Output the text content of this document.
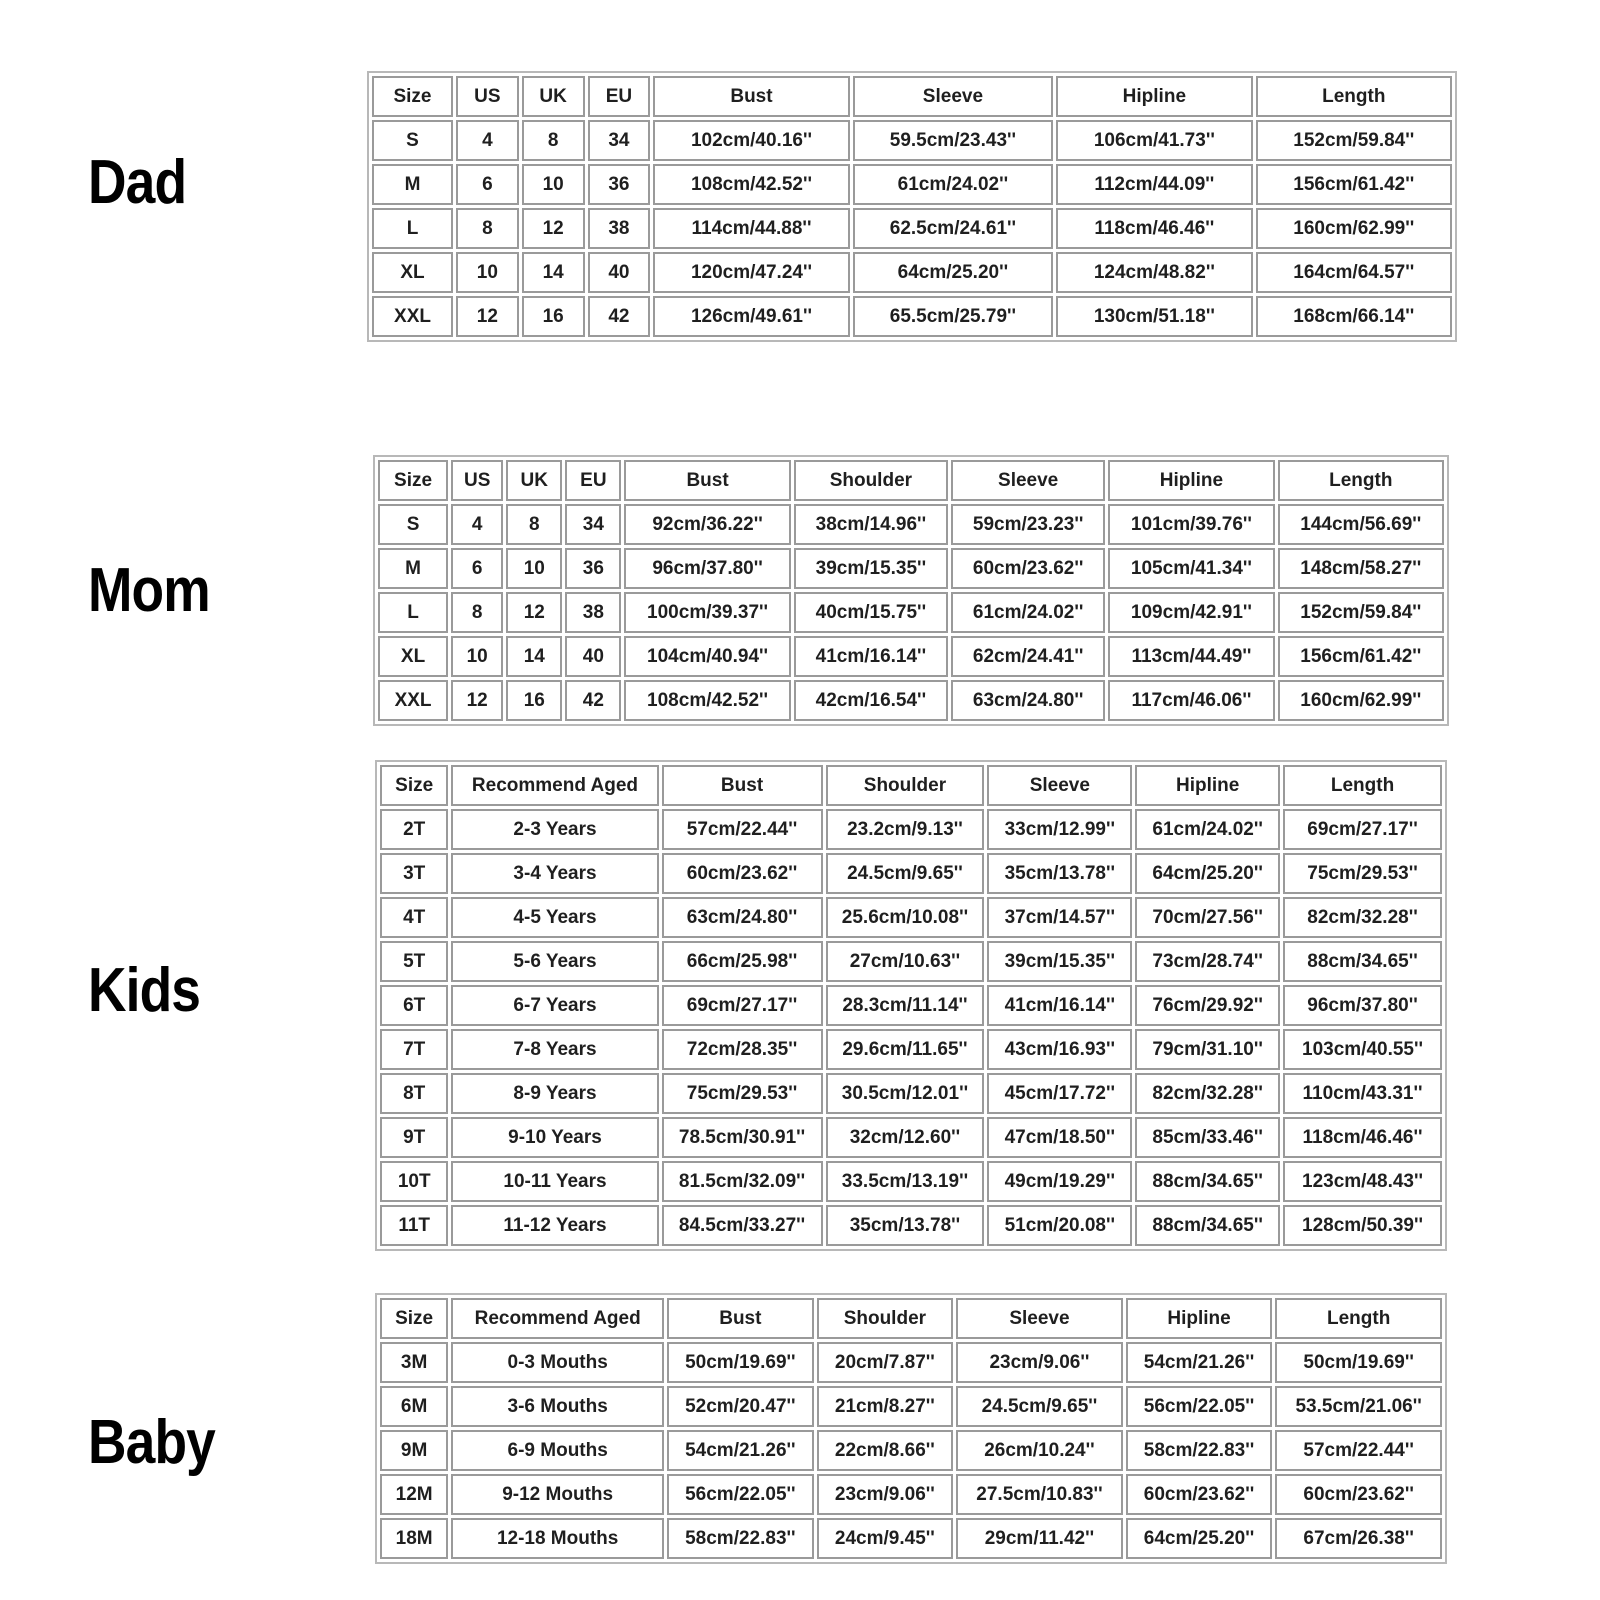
Dad
Mom
Kids
Baby
Size	US	UK	EU	Bust	Sleeve	Hipline	Length
S	4	8	34	102cm/40.16''	59.5cm/23.43''	106cm/41.73''	152cm/59.84''
M	6	10	36	108cm/42.52''	61cm/24.02''	112cm/44.09''	156cm/61.42''
L	8	12	38	114cm/44.88''	62.5cm/24.61''	118cm/46.46''	160cm/62.99''
XL	10	14	40	120cm/47.24''	64cm/25.20''	124cm/48.82''	164cm/64.57''
XXL	12	16	42	126cm/49.61''	65.5cm/25.79''	130cm/51.18''	168cm/66.14''
Size	US	UK	EU	Bust	Shoulder	Sleeve	Hipline	Length
S	4	8	34	92cm/36.22''	38cm/14.96''	59cm/23.23''	101cm/39.76''	144cm/56.69''
M	6	10	36	96cm/37.80''	39cm/15.35''	60cm/23.62''	105cm/41.34''	148cm/58.27''
L	8	12	38	100cm/39.37''	40cm/15.75''	61cm/24.02''	109cm/42.91''	152cm/59.84''
XL	10	14	40	104cm/40.94''	41cm/16.14''	62cm/24.41''	113cm/44.49''	156cm/61.42''
XXL	12	16	42	108cm/42.52''	42cm/16.54''	63cm/24.80''	117cm/46.06''	160cm/62.99''
Size	Recommend Aged	Bust	Shoulder	Sleeve	Hipline	Length
2T	2-3 Years	57cm/22.44''	23.2cm/9.13''	33cm/12.99''	61cm/24.02''	69cm/27.17''
3T	3-4 Years	60cm/23.62''	24.5cm/9.65''	35cm/13.78''	64cm/25.20''	75cm/29.53''
4T	4-5 Years	63cm/24.80''	25.6cm/10.08''	37cm/14.57''	70cm/27.56''	82cm/32.28''
5T	5-6 Years	66cm/25.98''	27cm/10.63''	39cm/15.35''	73cm/28.74''	88cm/34.65''
6T	6-7 Years	69cm/27.17''	28.3cm/11.14''	41cm/16.14''	76cm/29.92''	96cm/37.80''
7T	7-8 Years	72cm/28.35''	29.6cm/11.65''	43cm/16.93''	79cm/31.10''	103cm/40.55''
8T	8-9 Years	75cm/29.53''	30.5cm/12.01''	45cm/17.72''	82cm/32.28''	110cm/43.31''
9T	9-10 Years	78.5cm/30.91''	32cm/12.60''	47cm/18.50''	85cm/33.46''	118cm/46.46''
10T	10-11 Years	81.5cm/32.09''	33.5cm/13.19''	49cm/19.29''	88cm/34.65''	123cm/48.43''
11T	11-12 Years	84.5cm/33.27''	35cm/13.78''	51cm/20.08''	88cm/34.65''	128cm/50.39''
Size	Recommend Aged	Bust	Shoulder	Sleeve	Hipline	Length
3M	0-3 Mouths	50cm/19.69''	20cm/7.87''	23cm/9.06''	54cm/21.26''	50cm/19.69''
6M	3-6 Mouths	52cm/20.47''	21cm/8.27''	24.5cm/9.65''	56cm/22.05''	53.5cm/21.06''
9M	6-9 Mouths	54cm/21.26''	22cm/8.66''	26cm/10.24''	58cm/22.83''	57cm/22.44''
12M	9-12 Mouths	56cm/22.05''	23cm/9.06''	27.5cm/10.83''	60cm/23.62''	60cm/23.62''
18M	12-18 Mouths	58cm/22.83''	24cm/9.45''	29cm/11.42''	64cm/25.20''	67cm/26.38''
